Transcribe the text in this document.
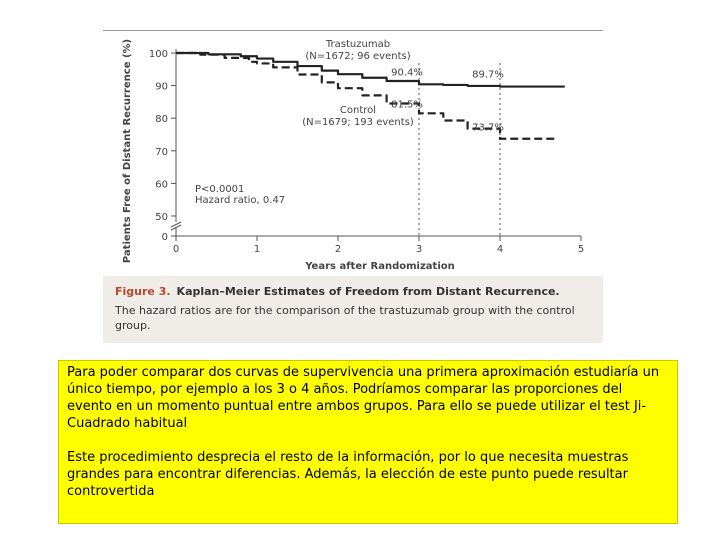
Patients Free of Distant Recurrence (%)	0
50
60
70
80
90
100
0	1	2	3	4	5
Trastuzumab
(N=1672; 96 events)
Control
(N=1679; 193 events)
90.4%	89.7%
81.5%
73.7%
P<0.0001
Hazard ratio, 0.47
Years after Randomization
Figure 3. Kaplan–Meier Estimates of Freedom from Distant Recurrence.
The hazard ratios are for the comparison of the trastuzumab group with the control group.

Para poder comparar dos curvas de supervivencia una primera aproximación estudiaría un único tiempo, por ejemplo a los 3 o 4 años. Podríamos comparar las proporciones del evento en un momento puntual entre ambos grupos. Para ello se puede utilizar el test Ji-Cuadrado habitual

Este procedimiento desprecia el resto de la información, por lo que necesita muestras grandes para encontrar diferencias. Además, la elección de este punto puede resultar controvertida
